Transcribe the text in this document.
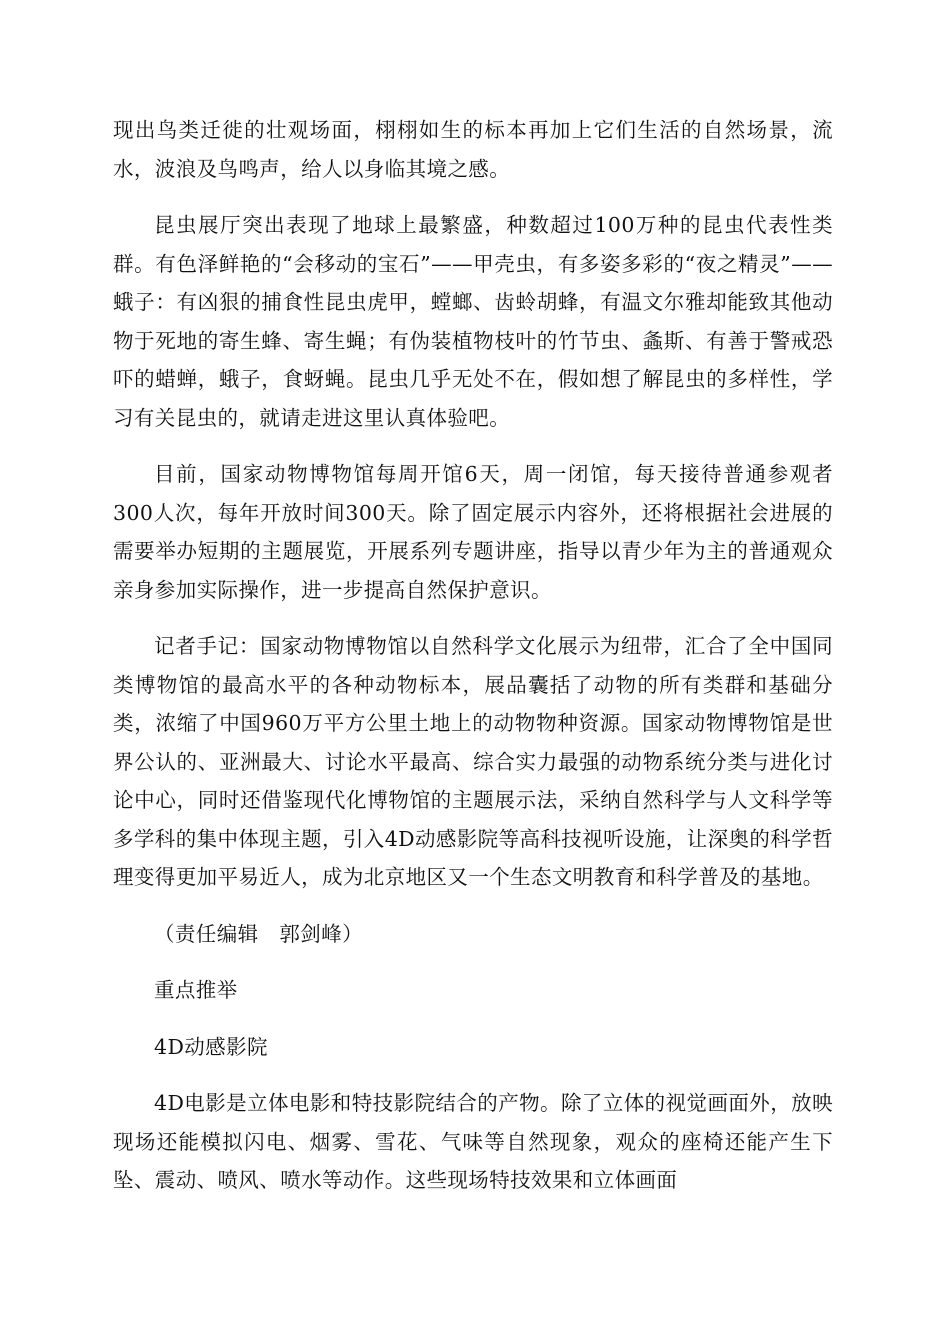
现出鸟类迁徙的壮观场面，栩栩如生的标本再加上它们生活的自然场景，流水，波浪及鸟鸣声，给人以身临其境之感。

昆虫展厅突出表现了地球上最繁盛，种数超过100万种的昆虫代表性类群。有色泽鲜艳的“会移动的宝石”——甲壳虫，有多姿多彩的“夜之精灵”——蛾子：有凶狠的捕食性昆虫虎甲，螳螂、齿蛉胡蜂，有温文尔雅却能致其他动物于死地的寄生蜂、寄生蝇；有伪装植物枝叶的竹节虫、螽斯、有善于警戒恐吓的蜡蝉，蛾子，食蚜蝇。昆虫几乎无处不在，假如想了解昆虫的多样性，学习有关昆虫的，就请走进这里认真体验吧。

目前，国家动物博物馆每周开馆6天，周一闭馆，每天接待普通参观者300人次，每年开放时间300天。除了固定展示内容外，还将根据社会进展的需要举办短期的主题展览，开展系列专题讲座，指导以青少年为主的普通观众亲身参加实际操作，进一步提高自然保护意识。

记者手记：国家动物博物馆以自然科学文化展示为纽带，汇合了全中国同类博物馆的最高水平的各种动物标本，展品囊括了动物的所有类群和基础分类，浓缩了中国960万平方公里土地上的动物物种资源。国家动物博物馆是世界公认的、亚洲最大、讨论水平最高、综合实力最强的动物系统分类与进化讨论中心，同时还借鉴现代化博物馆的主题展示法，采纳自然科学与人文科学等多学科的集中体现主题，引入4D动感影院等高科技视听设施，让深奥的科学哲理变得更加平易近人，成为北京地区又一个生态文明教育和科学普及的基地。

（责任编辑　郭剑峰）

重点推举

4D动感影院

4D电影是立体电影和特技影院结合的产物。除了立体的视觉画面外，放映现场还能模拟闪电、烟雾、雪花、气味等自然现象，观众的座椅还能产生下坠、震动、喷风、喷水等动作。这些现场特技效果和立体画面
